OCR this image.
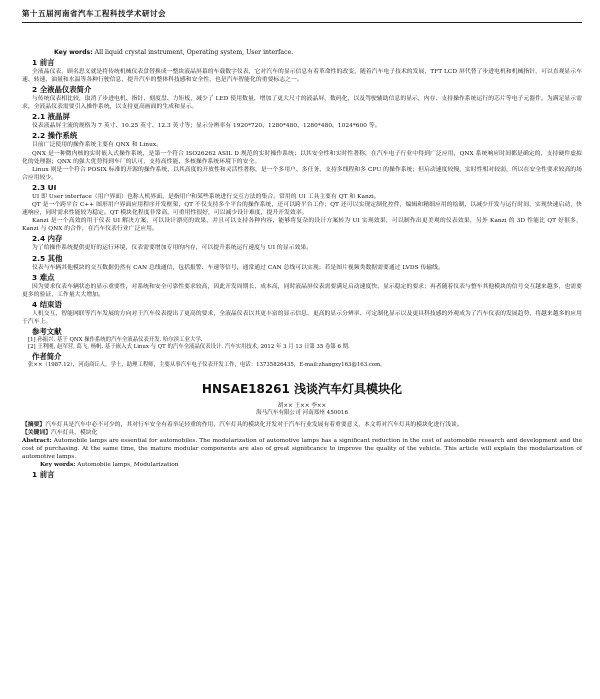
第十五届河南省汽车工程科技学术研讨会
Key words: All liquid crystal instrument, Operating system, User interface.
1 前言

全液晶仪表，顾名思义就是将传统机械仪表盘替换成一整块液晶屏幕的车载数字仪表，它对汽车的显示信息有着革命性的改变，随着汽车电子技术的发展，TFT LCD 屏代替了步进电机和机械指针，可以直观显示车速、转速、油量和水温等各种行驶信息，提升汽车的整体科技感和安全性，也是汽车智能化的重要标志之一。

2 全液晶仪表简介

与传统仪表相比较，取消了步进电机、指针、刻度盘、力矩板，减少了 LED 使用数量，增加了更大尺寸的液晶屏，数码化，以及驾驶辅助信息的显示，内存、支持操作系统运行的芯片等电子元器件，为满足显示需求，全液晶仪表需要引入操作系统，以支持更高画面的生成和显示。

2.1 液晶屏

仪表液晶屏主流的规格为 7 英寸、10.25 英寸、12.3 英寸等；显示分辨率有 1920*720、1280*480、1280*480、1024*600 等。

2.2 操作系统

目前广泛使用的操作系统主要有 QNX 和 Linux。

QNX 是一种微内核的实时嵌入式操作系统，是第一个符合 ISO26262 ASIL D 规范的实时操作系统；以其安全性和实时性著称，在汽车电子行业中得到广泛应用，QNX 系统响应时间都是确定的，支持硬件虚拟化的处理器；QNX 的强大优势得到车厂的认可，支持高性能、多核操作系统环境下的安全。

Linux 则是一个符合 POSIX 标准的开源的操作系统，以其高度的开放性和灵活性著称，是一个多用户、多任务、支持多线程和多 CPU 的操作系统；但启动速度较慢，实时性相对较弱，所以在安全性要求较高的场合应用较少。

2.3 UI

UI 即 User interface（用户界面）也称人机界面，是指用户和某些系统进行交互方法的集合。常用的 UI 工具主要有 QT 和 Kanzi。

QT 是一个跨平台 C++ 图形用户界面应用程序开发框架，QT 不仅支持多个平台的操作系统，还可以跨平台工作；QT 还可以实现定制化控件，编辑和精细应用的绘制，以减少开发与运行时间，实现快速启动，快速响应，同时需求性能较为稳定。QT 模块化程度非常高，可重用性很好，可以减少设计难度，提升开发效率。

Kanzi 是一个高效的用于仪表 UI 解决方案，可以设计漂亮的效果，并且可以支持各种内容，能够将复杂的设计方案转为 UI 实现效果，可以制作出更美观的仪表效果，另外 Kanzi 的 3D 性能比 QT 好很多，Kanzi 与 QNX 的合作，在汽车仪表行业广泛应用。

2.4 内存

为了给操作系统提供更好的运行环境，仪表需要增加专用的内存，可以提升系统运行速度与 UI 的显示效果。

2.5 其他

仪表与车辆其他模块的交互数据仍然有 CAN 总线通信，包括报警、车速等信号，通常通过 CAN 总线可以实现；若是图片视频类数据需要通过 LVDS 传输线。

3 难点

因为要求仪表车辆状态的显示重要性，对系统和安全可靠性要求较高，因此开发周期长、成本高，同时液晶屏仪表需要满足启动速度快、显示稳定的要求；再者随着仪表与整车其他模块的信号交互越来越多，也需要更多的验证，工作量大大增加。

4 结束语

人机交互、智能网联等汽车发展的方向对于汽车仪表提出了更高的要求，全液晶仪表以其更丰富的显示信息、更高的显示分辨率、可定制化显示以及更具科技感的外观成为了汽车仪表的发展趋势，将越来越多的应用于汽车上。

参考文献

[1] 孙振兴. 基于 QNX 操作系统的汽车全液晶仪表开发. 哈尔滨工业大学.

[2] 王利刚, 赵军营, 葛飞, 杨帆. 基于嵌入式 Linux 与 QT 的汽车全液晶仪表设计. 汽车实用技术, 2012 年 3 月 13 日第 35 卷第 6 期.

作者简介

张××（1987.12），河南商丘人，学士，助理工程师，主要从事汽车电子仪表开发工作，电话：13735826435，E-mail:zhangxy163@163.com。

HNSAE18261 浅谈汽车灯具模块化
胡×× 王×× 李××
海马汽车有限公司 河南郑州 450016

【摘要】汽车灯具是汽车中必不可少的，其对行车安全有着举足轻重的作用，汽车灯具的模块化开发对于汽车行业发展有着重要意义，本文将对汽车灯具的模块化进行浅谈。

【关键词】汽车灯具，模块化

Abstract: Automobile lamps are essential for automobiles. The modularization of automotive lamps has a significant reduction in the cost of automobile research and development and the cost of purchasing. At the same time, the mature modular components are also of great significance to improve the quality of the vehicle. This article will explain the modularization of automotive lamps.

Key words: Automobile lamps, Modularization

1 前言
